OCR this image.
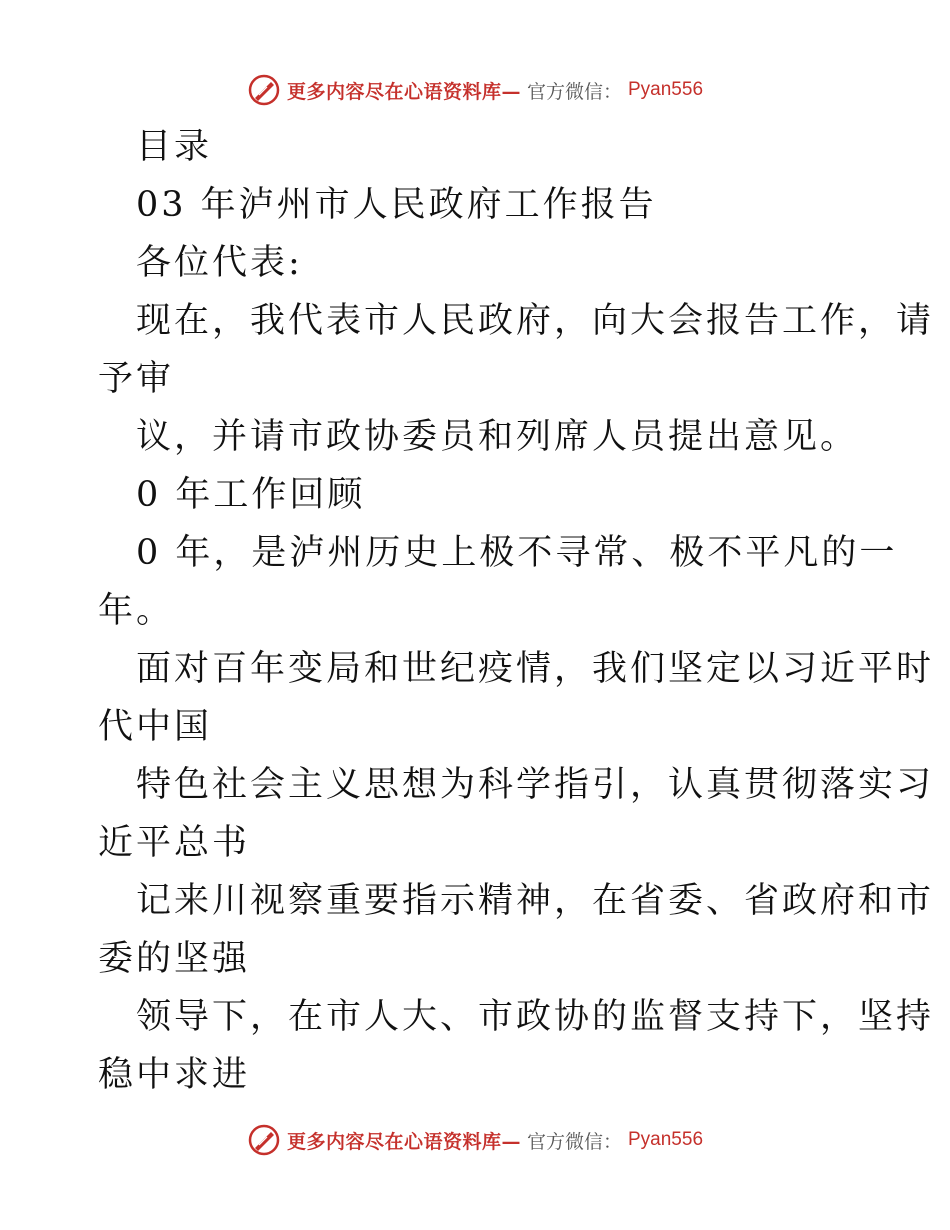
更多内容尽在心语资料库— 官方微信： Pyan556
目录
03 年泸州市人民政府工作报告
各位代表:
现在，我代表市人民政府，向大会报告工作，请
予审
议，并请市政协委员和列席人员提出意见。
0 年工作回顾
0 年，是泸州历史上极不寻常、极不平凡的一
年。
面对百年变局和世纪疫情，我们坚定以习近平时
代中国
特色社会主义思想为科学指引，认真贯彻落实习
近平总书
记来川视察重要指示精神，在省委、省政府和市
委的坚强
领导下，在市人大、市政协的监督支持下，坚持
稳中求进
更多内容尽在心语资料库— 官方微信： Pyan556
